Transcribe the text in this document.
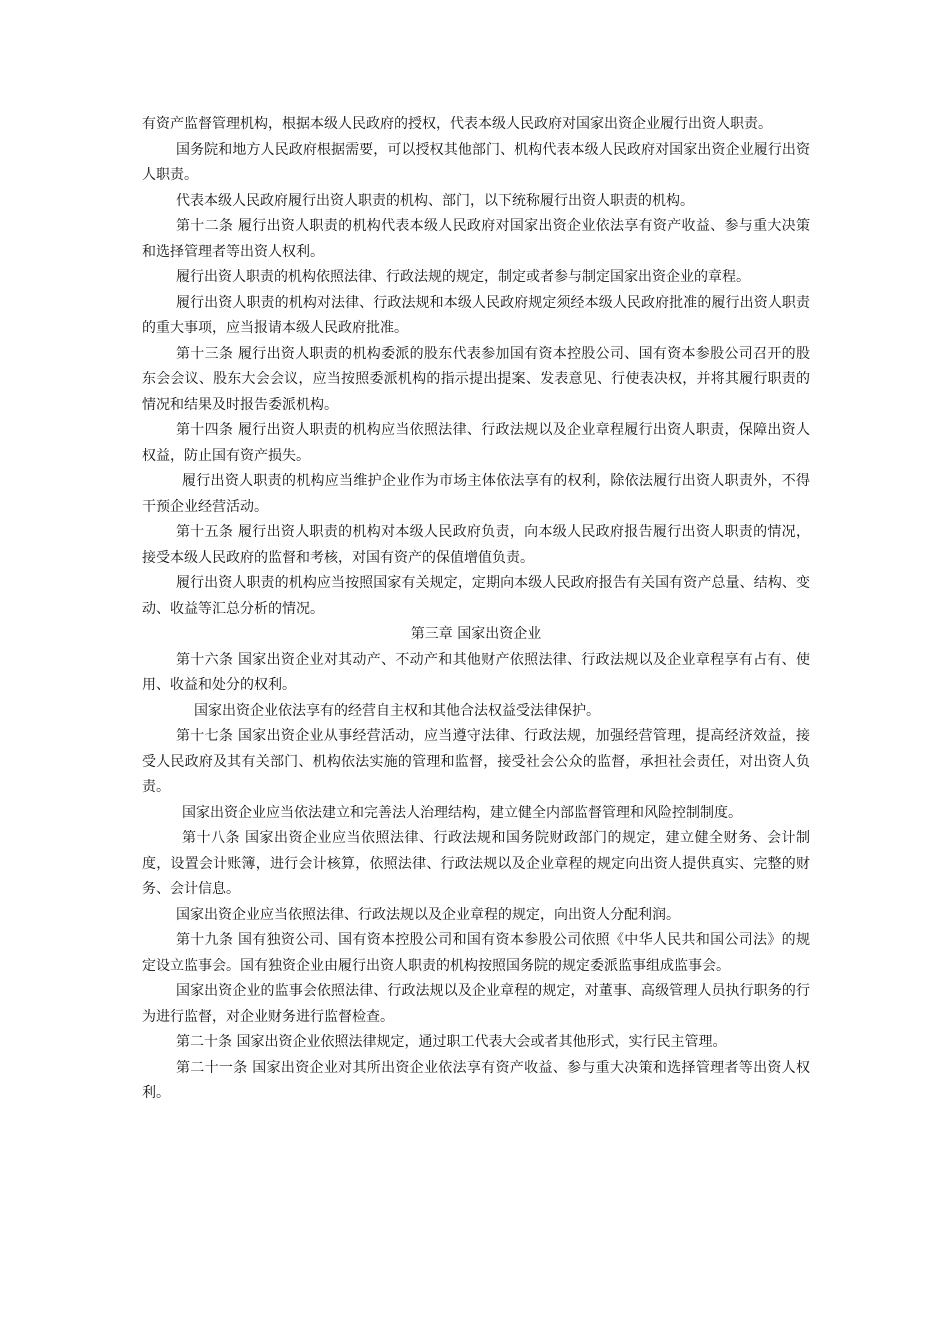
有资产监督管理机构，根据本级人民政府的授权，代表本级人民政府对国家出资企业履行出资人职责。

国务院和地方人民政府根据需要，可以授权其他部门、机构代表本级人民政府对国家出资企业履行出资人职责。

代表本级人民政府履行出资人职责的机构、部门，以下统称履行出资人职责的机构。

第十二条 履行出资人职责的机构代表本级人民政府对国家出资企业依法享有资产收益、参与重大决策和选择管理者等出资人权利。

履行出资人职责的机构依照法律、行政法规的规定，制定或者参与制定国家出资企业的章程。

履行出资人职责的机构对法律、行政法规和本级人民政府规定须经本级人民政府批准的履行出资人职责的重大事项，应当报请本级人民政府批准。

第十三条 履行出资人职责的机构委派的股东代表参加国有资本控股公司、国有资本参股公司召开的股东会会议、股东大会会议，应当按照委派机构的指示提出提案、发表意见、行使表决权，并将其履行职责的情况和结果及时报告委派机构。

第十四条 履行出资人职责的机构应当依照法律、行政法规以及企业章程履行出资人职责，保障出资人权益，防止国有资产损失。

履行出资人职责的机构应当维护企业作为市场主体依法享有的权利，除依法履行出资人职责外，不得干预企业经营活动。

第十五条 履行出资人职责的机构对本级人民政府负责，向本级人民政府报告履行出资人职责的情况，接受本级人民政府的监督和考核，对国有资产的保值增值负责。

履行出资人职责的机构应当按照国家有关规定，定期向本级人民政府报告有关国有资产总量、结构、变动、收益等汇总分析的情况。

第三章 国家出资企业

第十六条 国家出资企业对其动产、不动产和其他财产依照法律、行政法规以及企业章程享有占有、使用、收益和处分的权利。

国家出资企业依法享有的经营自主权和其他合法权益受法律保护。

第十七条 国家出资企业从事经营活动，应当遵守法律、行政法规，加强经营管理，提高经济效益，接受人民政府及其有关部门、机构依法实施的管理和监督，接受社会公众的监督，承担社会责任，对出资人负责。

国家出资企业应当依法建立和完善法人治理结构，建立健全内部监督管理和风险控制制度。

第十八条 国家出资企业应当依照法律、行政法规和国务院财政部门的规定，建立健全财务、会计制度，设置会计账簿，进行会计核算，依照法律、行政法规以及企业章程的规定向出资人提供真实、完整的财务、会计信息。

国家出资企业应当依照法律、行政法规以及企业章程的规定，向出资人分配利润。

第十九条 国有独资公司、国有资本控股公司和国有资本参股公司依照《中华人民共和国公司法》的规定设立监事会。国有独资企业由履行出资人职责的机构按照国务院的规定委派监事组成监事会。

国家出资企业的监事会依照法律、行政法规以及企业章程的规定，对董事、高级管理人员执行职务的行为进行监督，对企业财务进行监督检查。

第二十条 国家出资企业依照法律规定，通过职工代表大会或者其他形式，实行民主管理。

第二十一条 国家出资企业对其所出资企业依法享有资产收益、参与重大决策和选择管理者等出资人权利。
